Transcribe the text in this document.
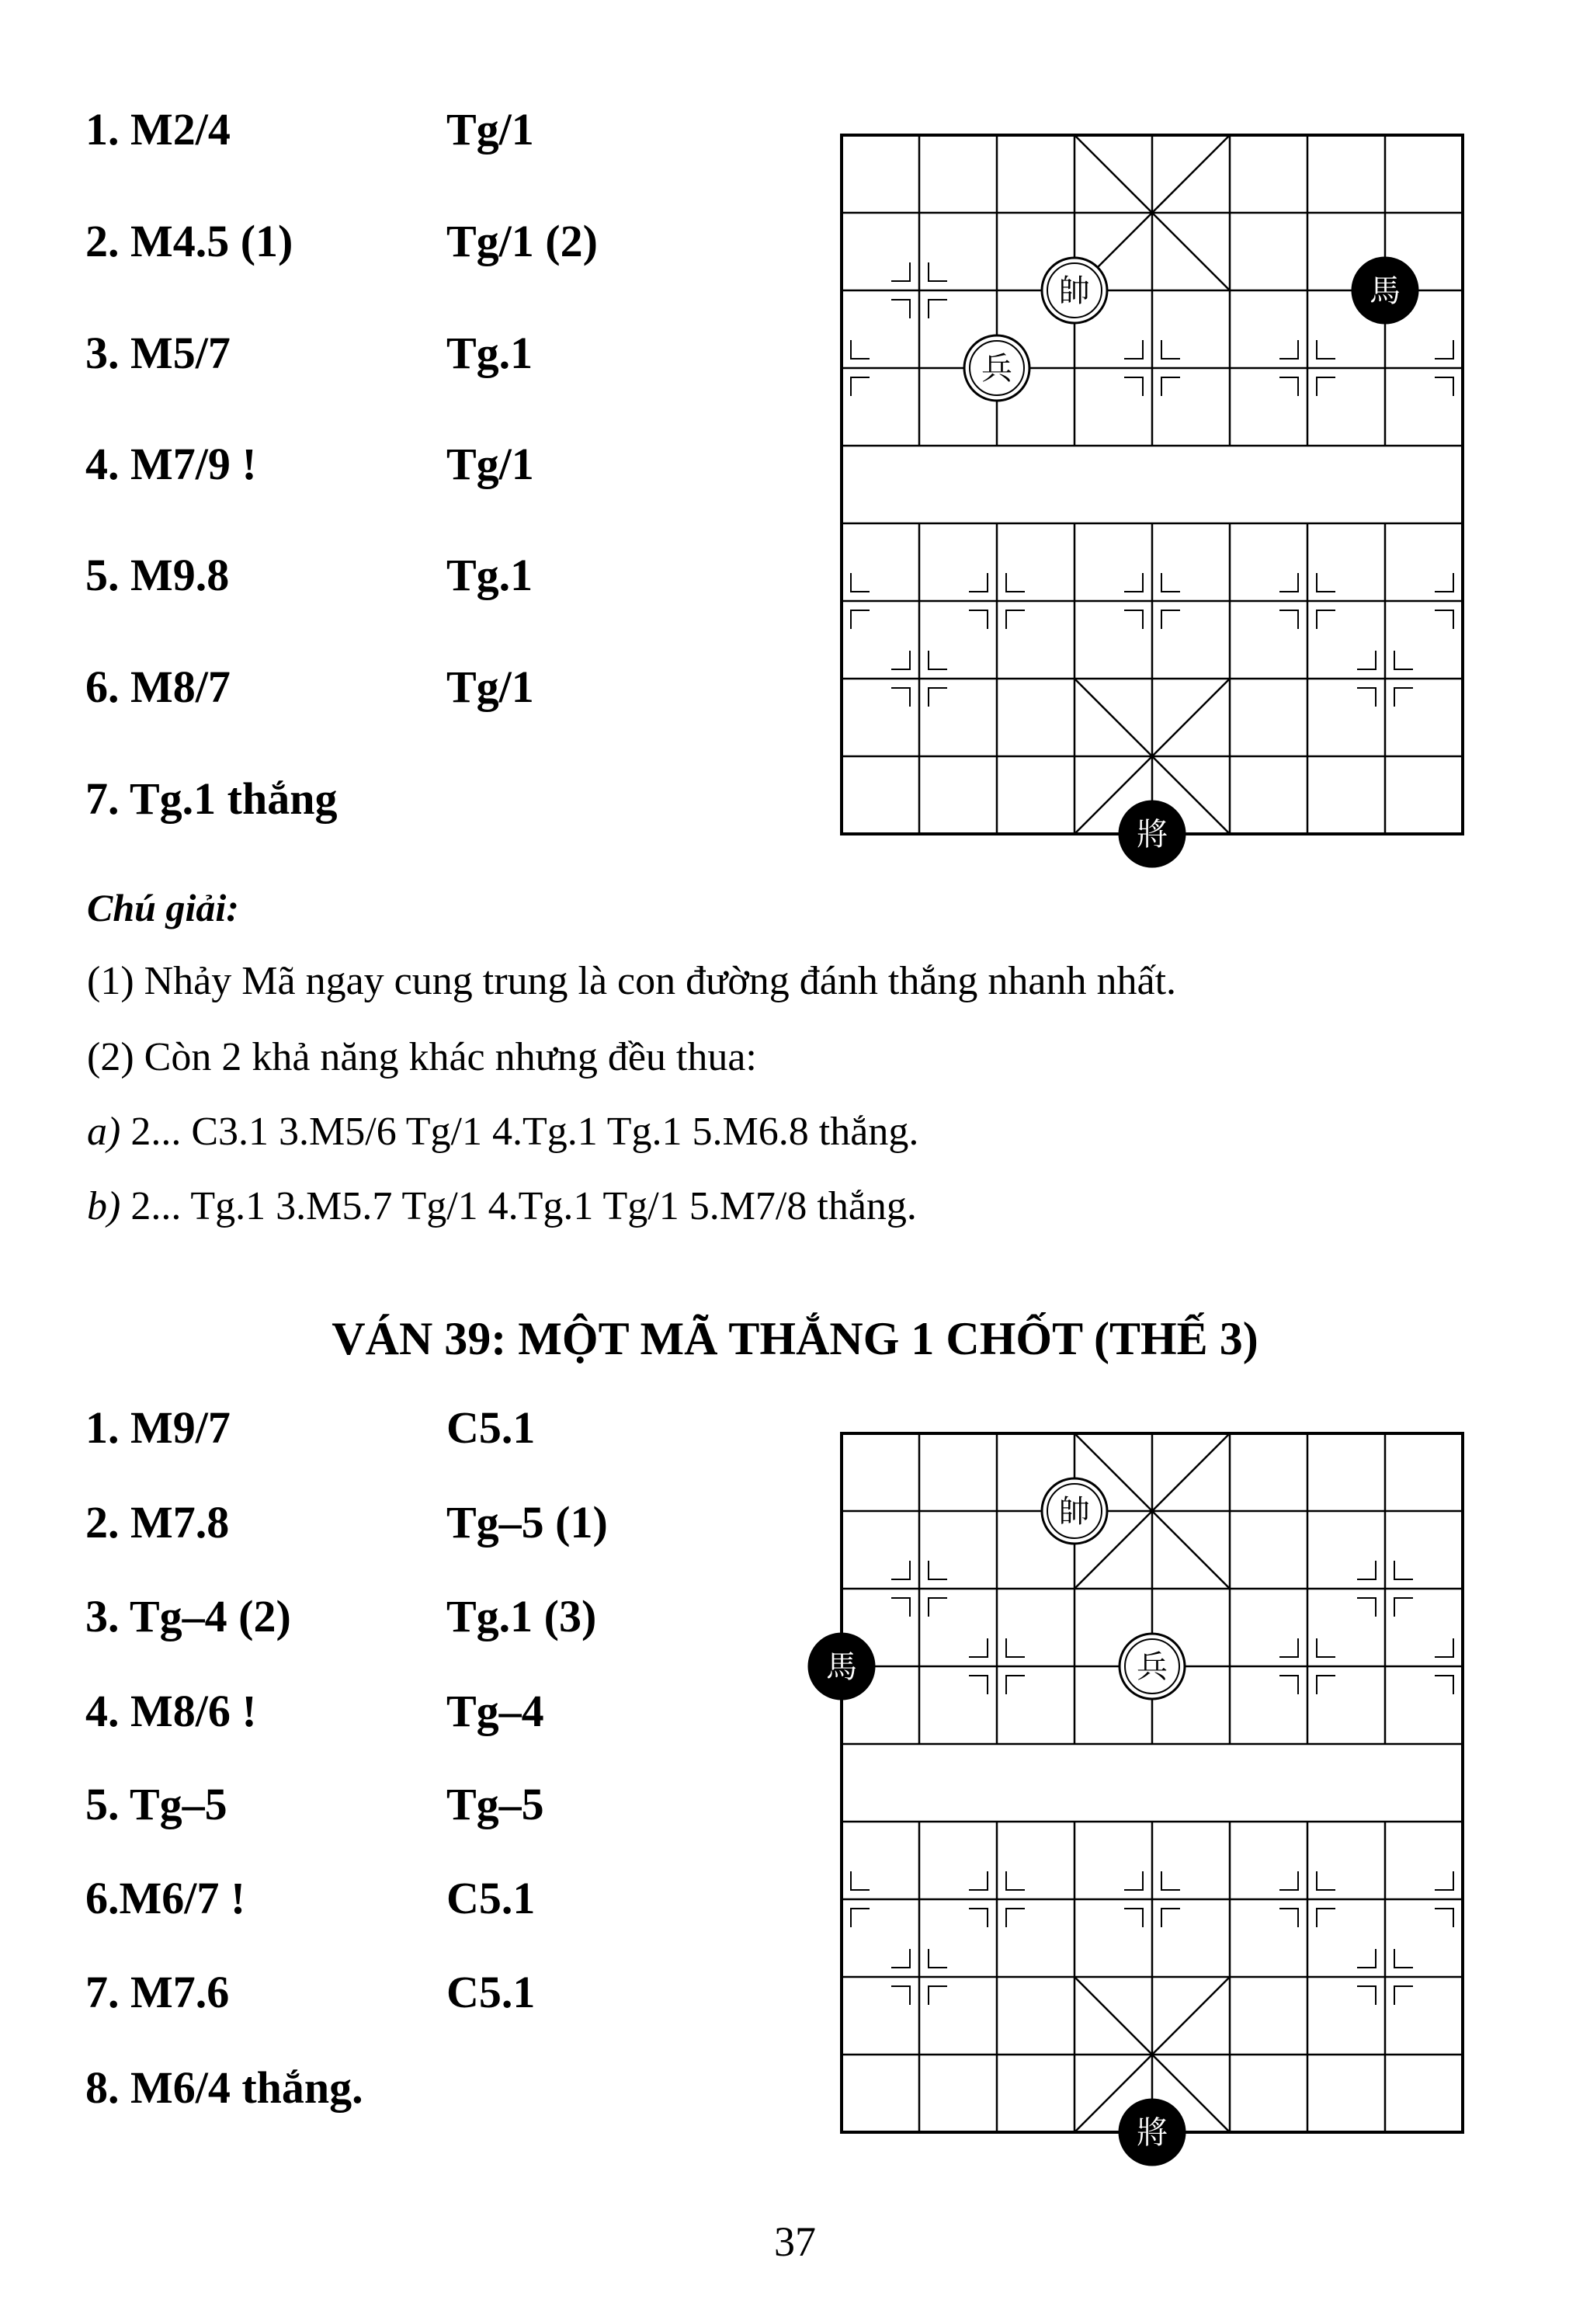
1. M2/4	Tg/1
2. M4.5 (1)	Tg/1 (2)
3. M5/7	Tg.1
4. M7/9 !	Tg/1
5. M9.8	Tg.1
6. M8/7	Tg/1
7. Tg.1 thắng
帥
兵
馬
將
Chú giải:
(1) Nhảy Mã ngay cung trung là con đường đánh thắng nhanh nhất.
(2) Còn 2 khả năng khác nhưng đều thua:
a) 2... C3.1 3.M5/6 Tg/1 4.Tg.1 Tg.1 5.M6.8 thắng.
b) 2... Tg.1 3.M5.7 Tg/1 4.Tg.1 Tg/1 5.M7/8 thắng.
VÁN 39: MỘT MÃ THẮNG 1 CHỐT (THẾ 3)
1. M9/7	C5.1
2. M7.8	Tg–5 (1)
3. Tg–4 (2)	Tg.1 (3)
4. M8/6 !	Tg–4
5. Tg–5	Tg–5
6.M6/7 !	C5.1
7. M7.6	C5.1
8. M6/4 thắng.
帥
兵
馬
將
37
